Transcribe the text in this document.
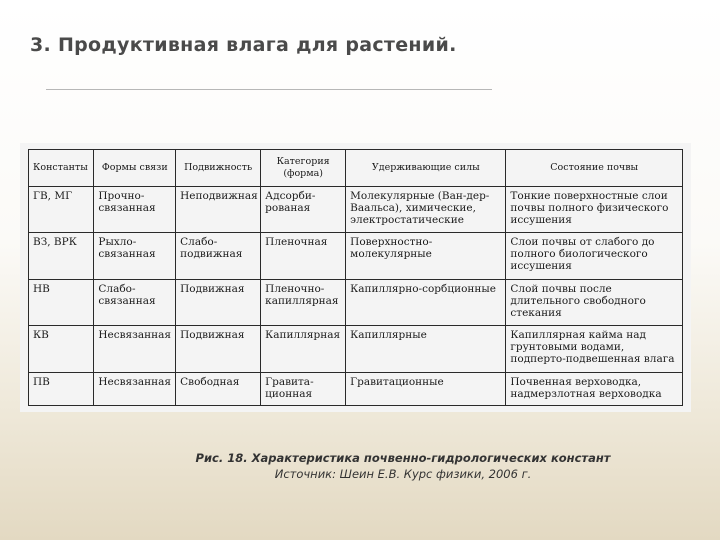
3. Продуктивная влага для растений.
Константы	Формы связи	Подвижность	Категория (форма)	Удерживающие силы	Состояние почвы
ГВ, МГ	Прочно-связанная	Неподвижная	Адсорби-рованая	Молекулярные (Ван-дер-Ваальса), химические, электростатические	Тонкие поверхностные слои почвы полного физического иссушения
ВЗ, ВРК	Рыхло-связанная	Слабо-подвижная	Пленочная	Поверхностно-молекулярные	Слои почвы от слабого до полного биологического иссушения
НВ	Слабо-связанная	Подвижная	Пленочно-капиллярная	Капиллярно-сорбционные	Слой почвы после длительного свободного стекания
КВ	Несвязанная	Подвижная	Капиллярная	Капиллярные	Капиллярная кайма над грунтовыми водами, подперто-подвешенная влага
ПВ	Несвязанная	Свободная	Гравита-ционная	Гравитационные	Почвенная верховодка, надмерзлотная верховодка
Рис. 18. Характеристика почвенно-гидрологических констант
Источник: Шеин Е.В. Курс физики, 2006 г.
